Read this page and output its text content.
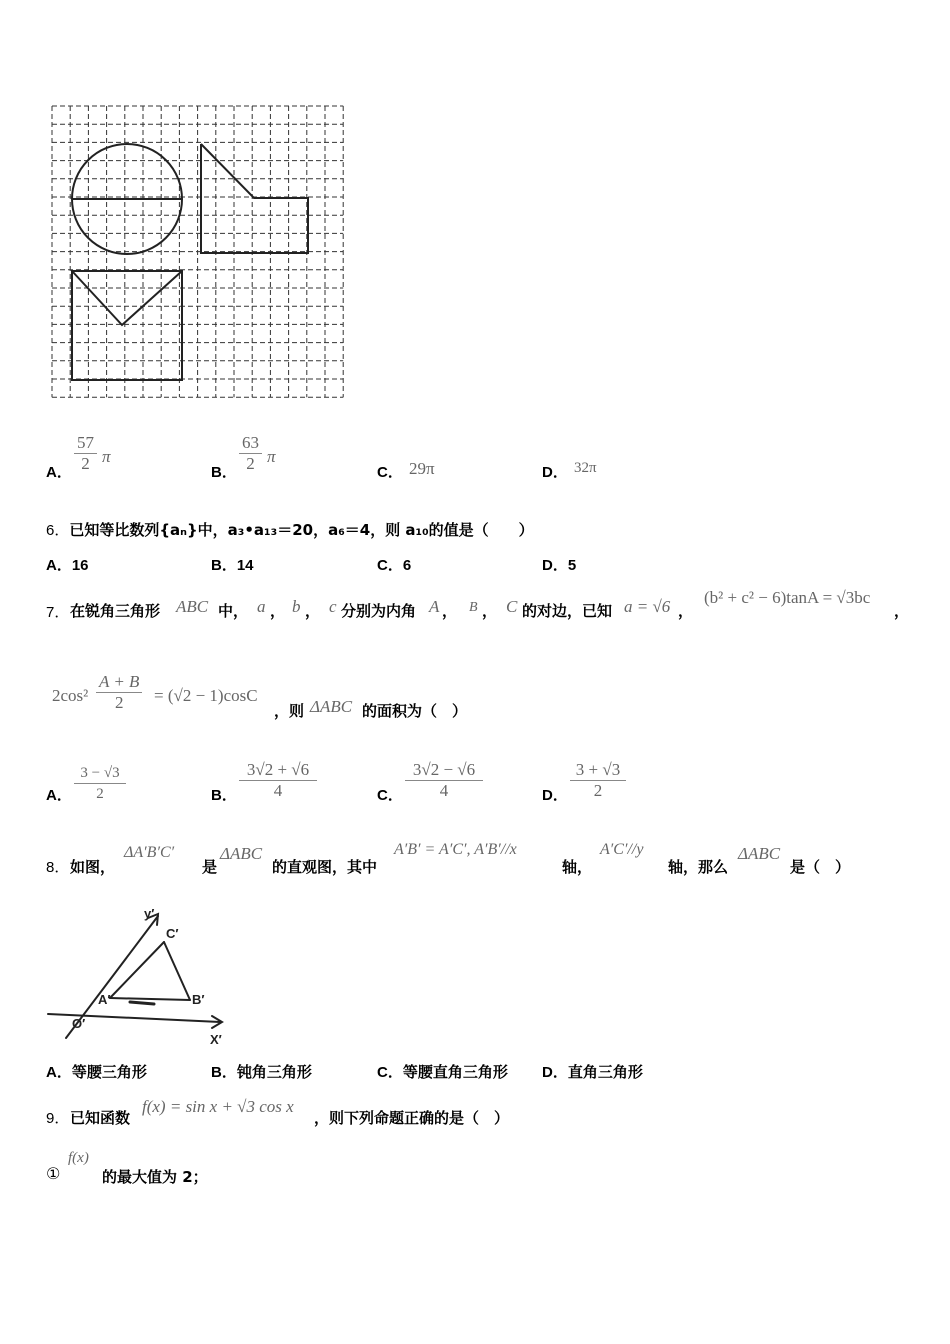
A． $\frac{57}{2}$ π
B． $\frac{63}{2}$ π
C． 29π	D． 32π
6．已知等比数列{aₙ}中，a₃•a₁₃＝20，a₆＝4，则 a₁₀的值是（　　）
A．16	B．14	C．6	D．5
7． 在锐角三角形 ABC 中， a ， b ， c 分别为内角 A ， B ， C 的对边，已知 a = √6 ，
(b² + c² − 6)tanA = √3bc
，
$2\cos^2 \frac{A + B}{2} = (√2 - 1)\cos C$
，则 ΔABC 的面积为（　）
A． $\frac{3 - √3}{2}$	B． $\frac{3√2 + √6}{4}$	C． $\frac{3√2 - √6}{4}$	D． $\frac{3 + √3}{2}$
8． 如图，
ΔA′B′C′
是
ΔABC
的直观图，其中
A′B′ = A′C′, A′B′//x
轴，
A′C′//y
轴，那么
ΔABC
是（　）
y′
C′
A′	B′
O′
X′
A．等腰三角形	B．钝角三角形	C．等腰直角三角形 D．直角三角形
9． 已知函数
f(x) = sin x + √3 cos x
，则下列命题正确的是（　）
①
f(x)
的最大值为 2；
